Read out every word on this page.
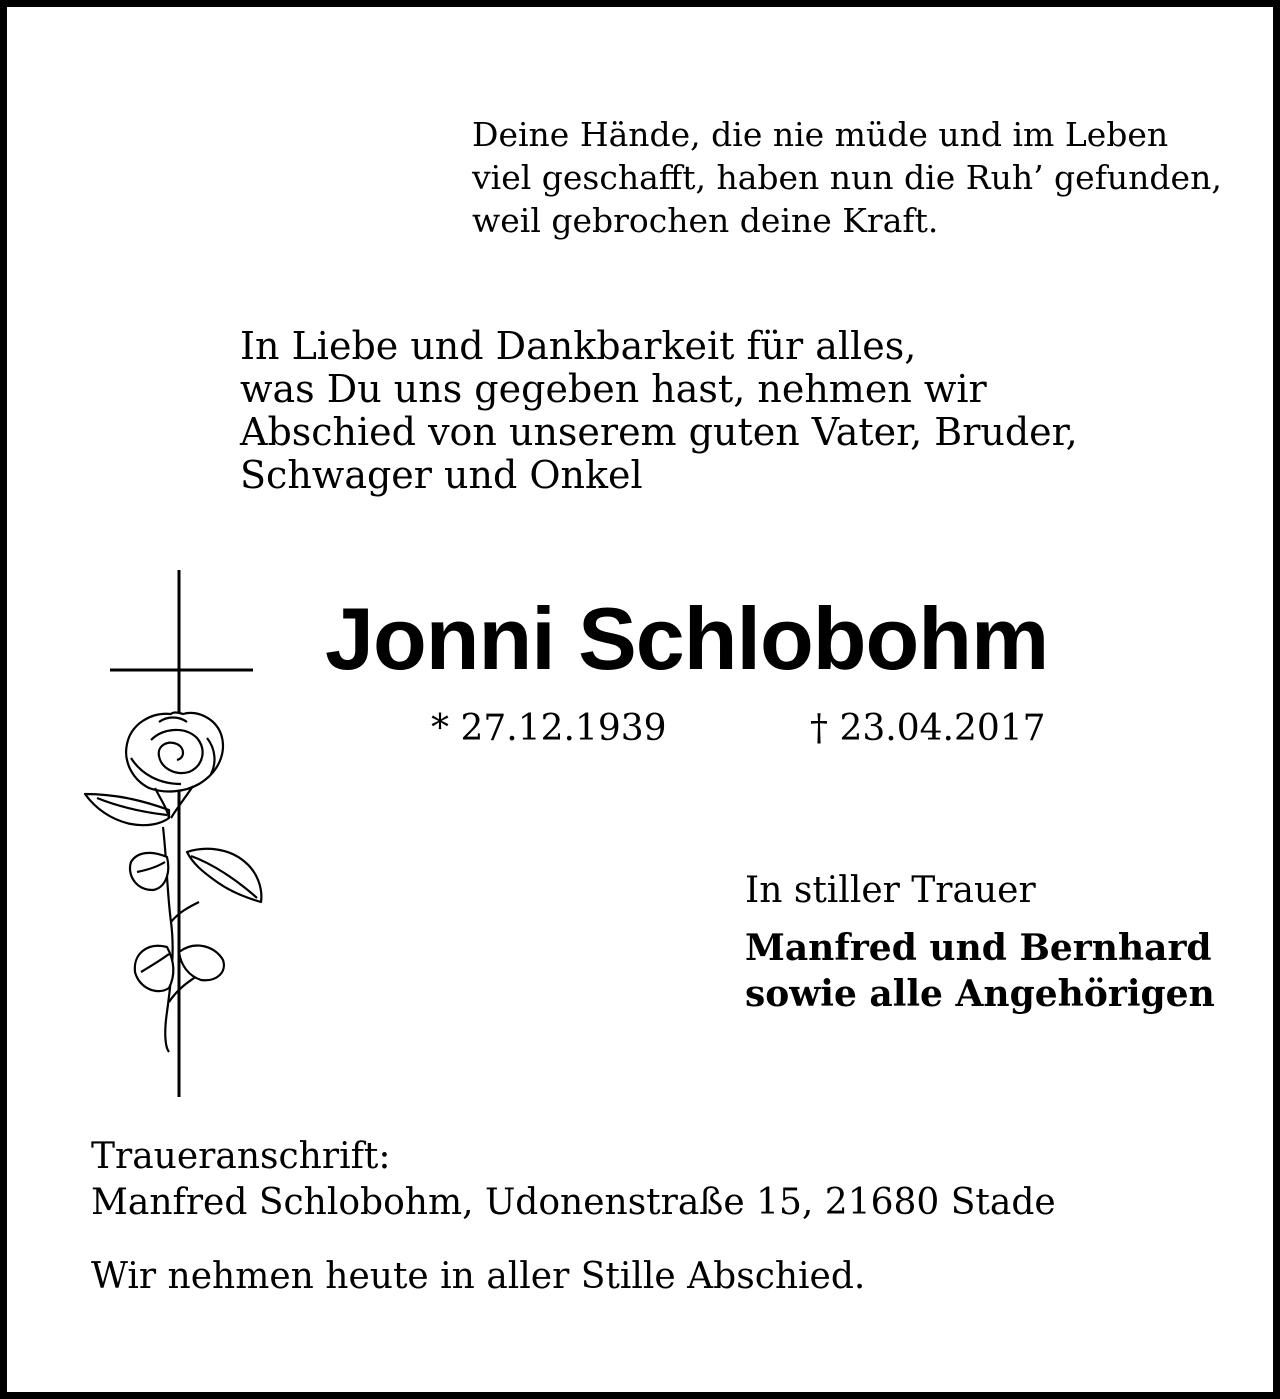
Deine Hände, die nie müde und im Leben
viel geschafft, haben nun die Ruh’ gefunden,
weil gebrochen deine Kraft.
In Liebe und Dankbarkeit für alles,
was Du uns gegeben hast, nehmen wir
Abschied von unserem guten Vater, Bruder,
Schwager und Onkel
Jonni Schlobohm
* 27.12.1939	† 23.04.2017
In stiller Trauer
Manfred und Bernhard
sowie alle Angehörigen
Traueranschrift:
Manfred Schlobohm, Udonenstraße 15, 21680 Stade
Wir nehmen heute in aller Stille Abschied.
